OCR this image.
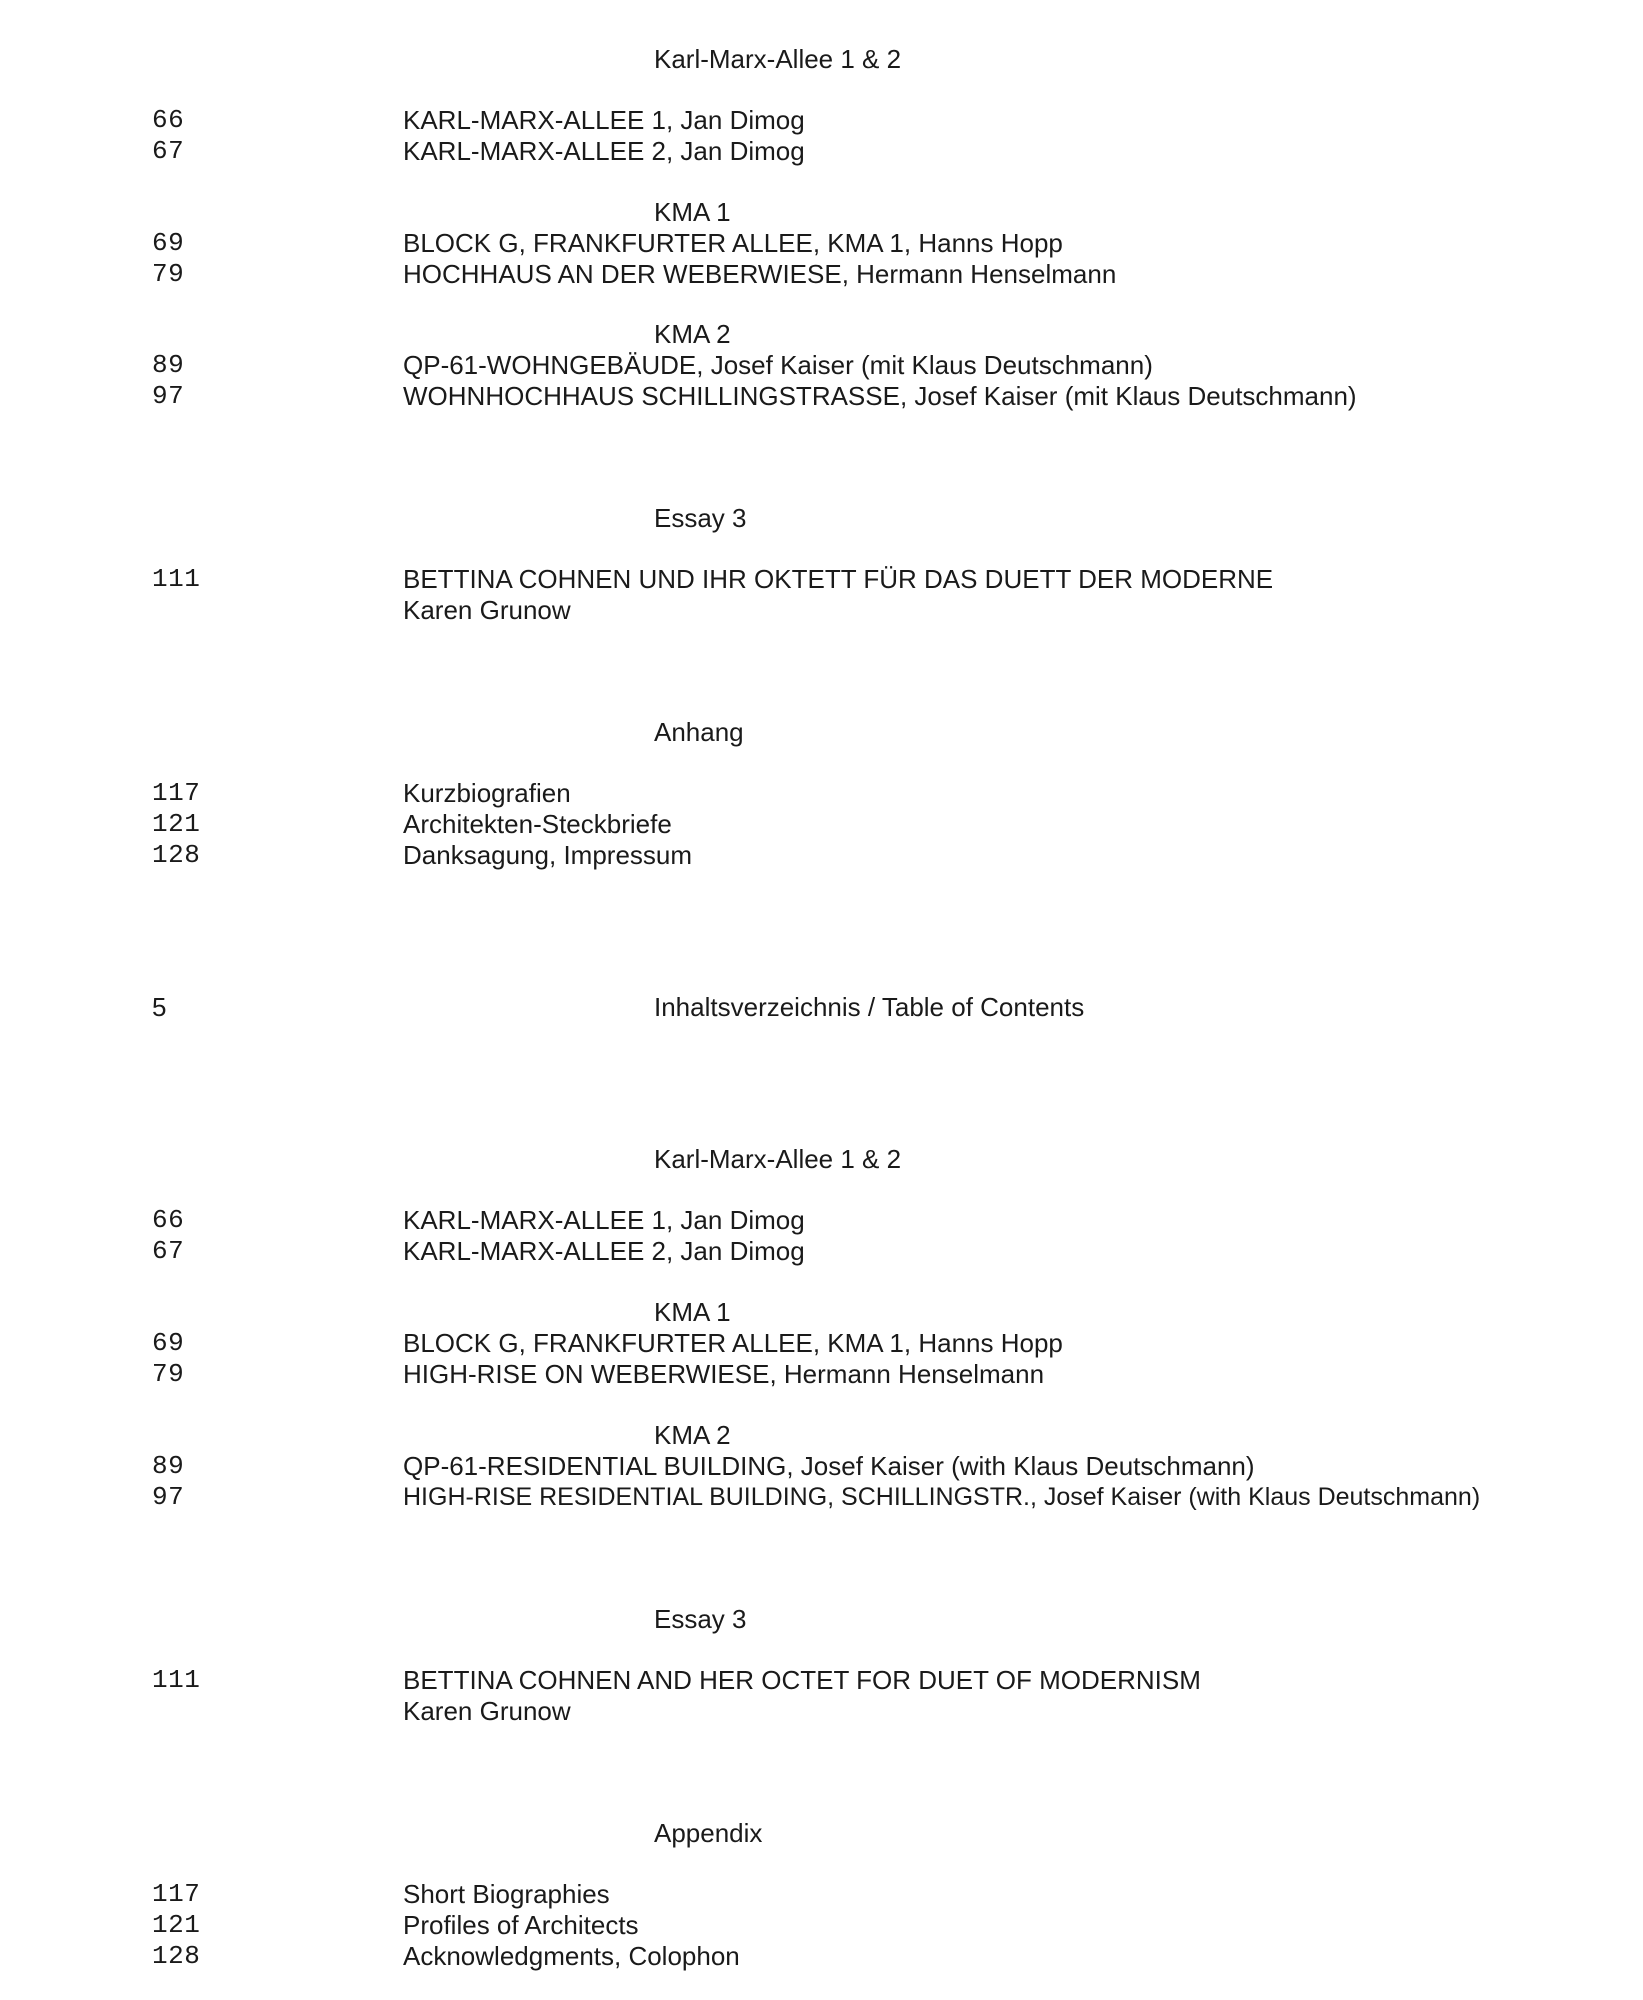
Karl-Marx-Allee 1 & 2
66	KARL-MARX-ALLEE 1, Jan Dimog
67	KARL-MARX-ALLEE 2, Jan Dimog
KMA 1
69	BLOCK G, FRANKFURTER ALLEE, KMA 1, Hanns Hopp
79	HOCHHAUS AN DER WEBERWIESE, Hermann Henselmann
KMA 2
89	QP-61-WOHNGEBÄUDE, Josef Kaiser (mit Klaus Deutschmann)
97	WOHNHOCHHAUS SCHILLINGSTRASSE, Josef Kaiser (mit Klaus Deutschmann)
Essay 3
111	BETTINA COHNEN UND IHR OKTETT FÜR DAS DUETT DER MODERNE
Karen Grunow
Anhang
117	Kurzbiografien
121	Architekten-Steckbriefe
128	Danksagung, Impressum
5	Inhaltsverzeichnis / Table of Contents
Karl-Marx-Allee 1 & 2
66	KARL-MARX-ALLEE 1, Jan Dimog
67	KARL-MARX-ALLEE 2, Jan Dimog
KMA 1
69	BLOCK G, FRANKFURTER ALLEE, KMA 1, Hanns Hopp
79	HIGH-RISE ON WEBERWIESE, Hermann Henselmann
KMA 2
89	QP-61-RESIDENTIAL BUILDING, Josef Kaiser (with Klaus Deutschmann)
97	HIGH-RISE RESIDENTIAL BUILDING, SCHILLINGSTR., Josef Kaiser (with Klaus Deutschmann)
Essay 3
111	BETTINA COHNEN AND HER OCTET FOR DUET OF MODERNISM
Karen Grunow
Appendix
117	Short Biographies
121	Profiles of Architects
128	Acknowledgments, Colophon
